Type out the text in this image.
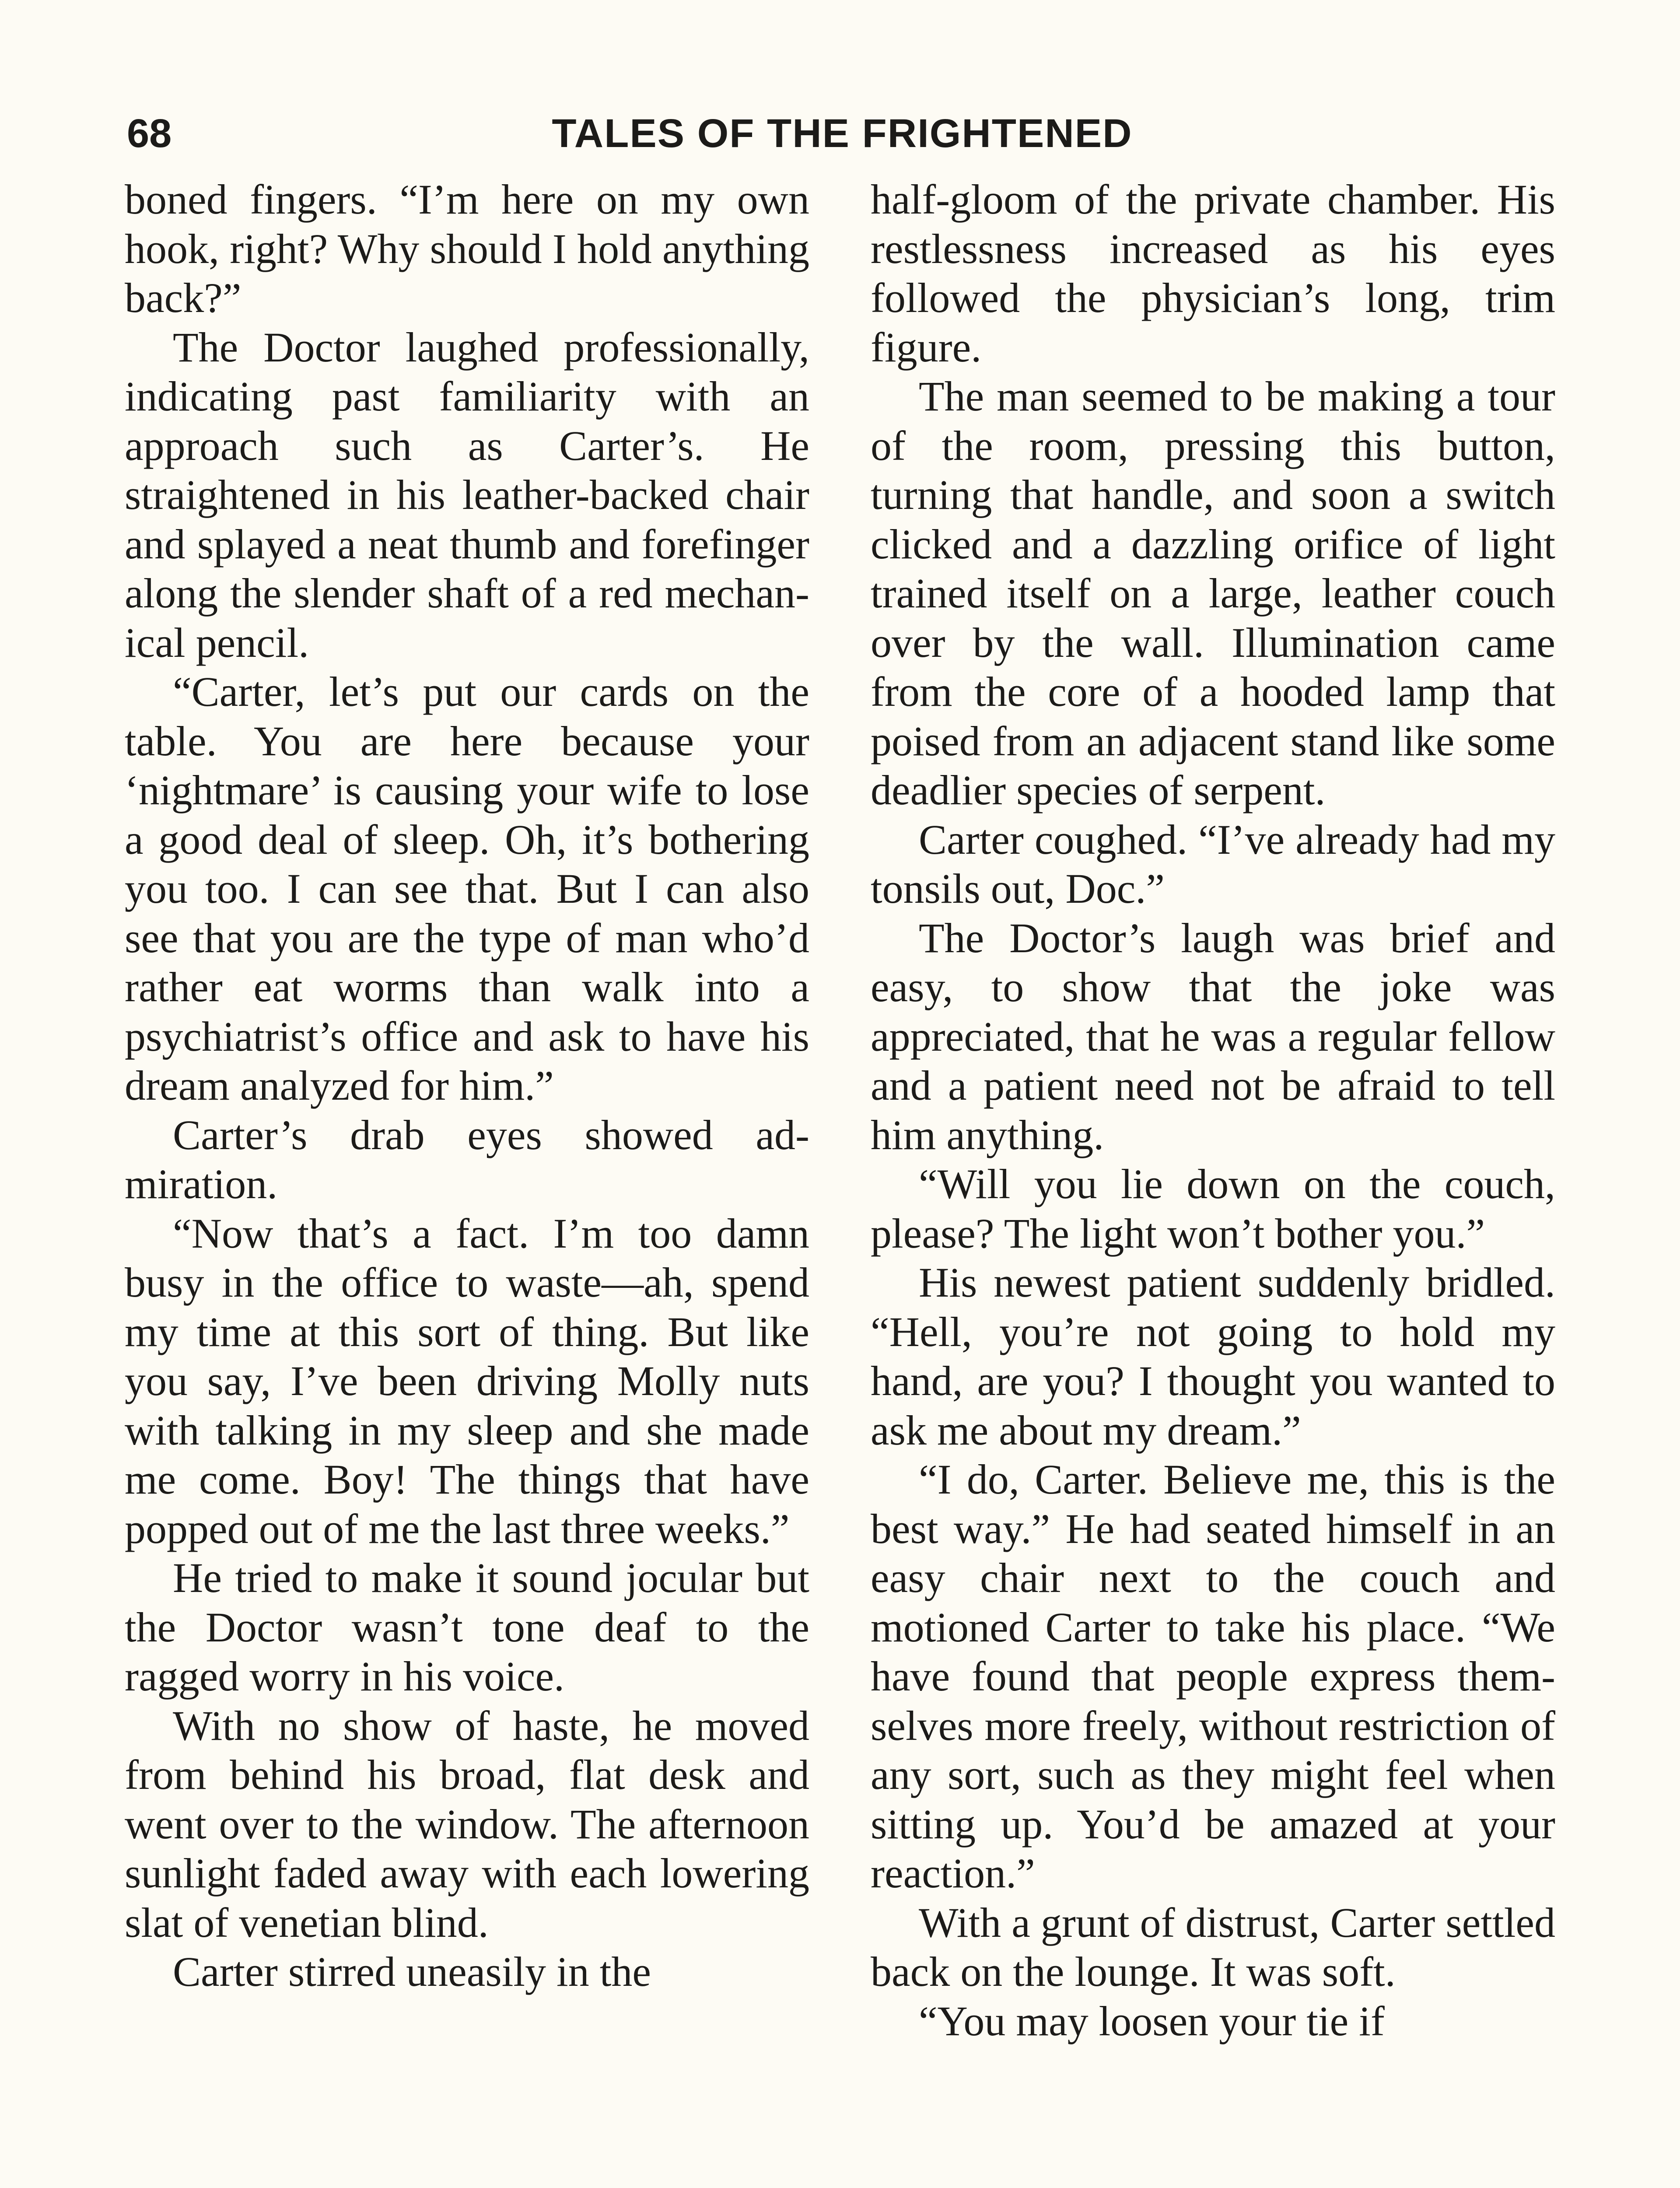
68	TALES OF THE FRIGHTENED

boned fingers. “I’m here on my own hook, right? Why should I hold anything back?”

The Doctor laughed professionally, indicating past familiarity with an approach such as Carter’s. He straightened in his leather-backed chair and splayed a neat thumb and forefinger along the slender shaft of a red mechanical pencil.

“Carter, let’s put our cards on the table. You are here because your ‘nightmare’ is causing your wife to lose a good deal of sleep. Oh, it’s bothering you too. I can see that. But I can also see that you are the type of man who’d rather eat worms than walk into a psychiatrist’s office and ask to have his dream analyzed for him.”

Carter’s drab eyes showed admiration.

“Now that’s a fact. I’m too damn busy in the office to waste—ah, spend my time at this sort of thing. But like you say, I’ve been driving Molly nuts with talking in my sleep and she made me come. Boy! The things that have popped out of me the last three weeks.”

He tried to make it sound jocular but the Doctor wasn’t tone deaf to the ragged worry in his voice.

With no show of haste, he moved from behind his broad, flat desk and went over to the window. The afternoon sunlight faded away with each lowering slat of venetian blind.

Carter stirred uneasily in the

half-gloom of the private chamber. His restlessness increased as his eyes followed the physician’s long, trim figure.

The man seemed to be making a tour of the room, pressing this button, turning that handle, and soon a switch clicked and a dazzling orifice of light trained itself on a large, leather couch over by the wall. Illumination came from the core of a hooded lamp that poised from an adjacent stand like some deadlier species of serpent.

Carter coughed. “I’ve already had my tonsils out, Doc.”

The Doctor’s laugh was brief and easy, to show that the joke was appreciated, that he was a regular fellow and a patient need not be afraid to tell him anything.

“Will you lie down on the couch, please? The light won’t bother you.”

His newest patient suddenly bridled. “Hell, you’re not going to hold my hand, are you? I thought you wanted to ask me about my dream.”

“I do, Carter. Believe me, this is the best way.” He had seated himself in an easy chair next to the couch and motioned Carter to take his place. “We have found that people express themselves more freely, without restriction of any sort, such as they might feel when sitting up. You’d be amazed at your reaction.”

With a grunt of distrust, Carter settled back on the lounge. It was soft.

“You may loosen your tie if
